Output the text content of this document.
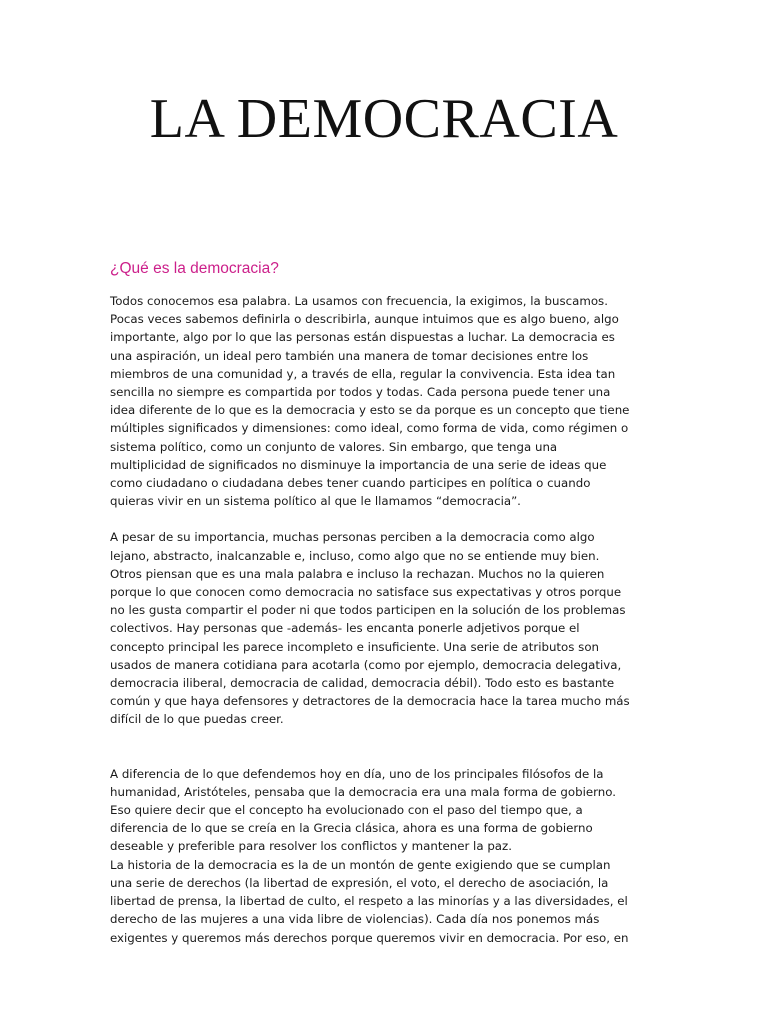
LA DEMOCRACIA
¿Qué es la democracia?

Todos conocemos esa palabra. La usamos con frecuencia, la exigimos, la buscamos.
Pocas veces sabemos definirla o describirla, aunque intuimos que es algo bueno, algo
importante, algo por lo que las personas están dispuestas a luchar. La democracia es
una aspiración, un ideal pero también una manera de tomar decisiones entre los
miembros de una comunidad y, a través de ella, regular la convivencia. Esta idea tan
sencilla no siempre es compartida por todos y todas. Cada persona puede tener una
idea diferente de lo que es la democracia y esto se da porque es un concepto que tiene
múltiples significados y dimensiones: como ideal, como forma de vida, como régimen o
sistema político, como un conjunto de valores. Sin embargo, que tenga una
multiplicidad de significados no disminuye la importancia de una serie de ideas que
como ciudadano o ciudadana debes tener cuando participes en política o cuando
quieras vivir en un sistema político al que le llamamos “democracia”.

A pesar de su importancia, muchas personas perciben a la democracia como algo
lejano, abstracto, inalcanzable e, incluso, como algo que no se entiende muy bien.
Otros piensan que es una mala palabra e incluso la rechazan. Muchos no la quieren
porque lo que conocen como democracia no satisface sus expectativas y otros porque
no les gusta compartir el poder ni que todos participen en la solución de los problemas
colectivos. Hay personas que -además- les encanta ponerle adjetivos porque el
concepto principal les parece incompleto e insuficiente. Una serie de atributos son
usados de manera cotidiana para acotarla (como por ejemplo, democracia delegativa,
democracia iliberal, democracia de calidad, democracia débil). Todo esto es bastante
común y que haya defensores y detractores de la democracia hace la tarea mucho más
difícil de lo que puedas creer.

A diferencia de lo que defendemos hoy en día, uno de los principales filósofos de la
humanidad, Aristóteles, pensaba que la democracia era una mala forma de gobierno.
Eso quiere decir que el concepto ha evolucionado con el paso del tiempo que, a
diferencia de lo que se creía en la Grecia clásica, ahora es una forma de gobierno
deseable y preferible para resolver los conflictos y mantener la paz.

La historia de la democracia es la de un montón de gente exigiendo que se cumplan
una serie de derechos (la libertad de expresión, el voto, el derecho de asociación, la
libertad de prensa, la libertad de culto, el respeto a las minorías y a las diversidades, el
derecho de las mujeres a una vida libre de violencias). Cada día nos ponemos más
exigentes y queremos más derechos porque queremos vivir en democracia. Por eso, en
